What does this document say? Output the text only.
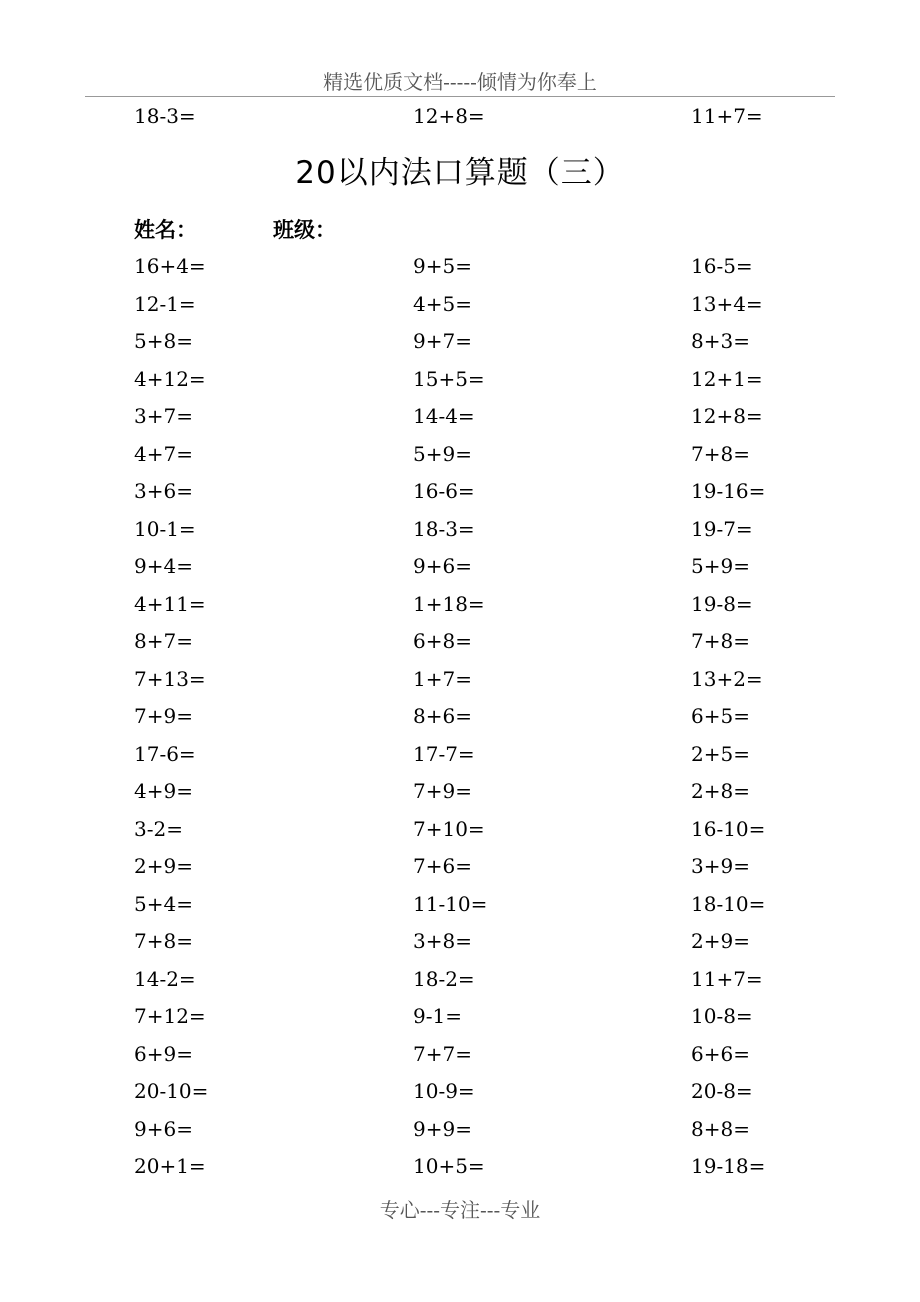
精选优质文档-----倾情为你奉上
18-3=	12+8=	11+7=
20以内法口算题（三）
姓名：	班级：
16+4=	9+5=	16-5=
12-1=	4+5=	13+4=
5+8=	9+7=	8+3=
4+12=	15+5=	12+1=
3+7=	14-4=	12+8=
4+7=	5+9=	7+8=
3+6=	16-6=	19-16=
10-1=	18-3=	19-7=
9+4=	9+6=	5+9=
4+11=	1+18=	19-8=
8+7=	6+8=	7+8=
7+13=	1+7=	13+2=
7+9=	8+6=	6+5=
17-6=	17-7=	2+5=
4+9=	7+9=	2+8=
3-2=	7+10=	16-10=
2+9=	7+6=	3+9=
5+4=	11-10=	18-10=
7+8=	3+8=	2+9=
14-2=	18-2=	11+7=
7+12=	9-1=	10-8=
6+9=	7+7=	6+6=
20-10=	10-9=	20-8=
9+6=	9+9=	8+8=
20+1=	10+5=	19-18=
专心---专注---专业
